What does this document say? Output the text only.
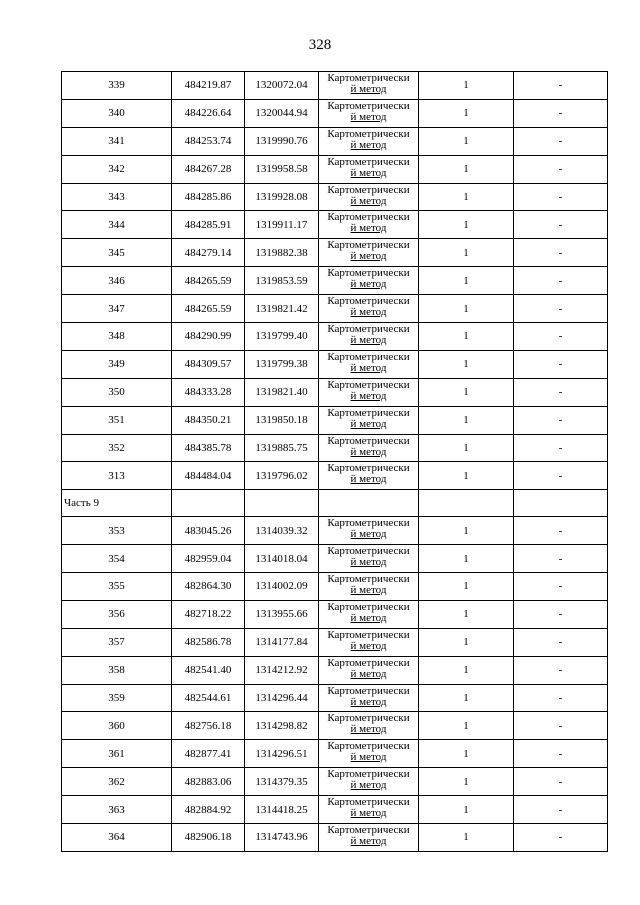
328
339	484219.87	1320072.04	Картометрически
й метод	1	-
340	484226.64	1320044.94	Картометрически
й метод	1	-
341	484253.74	1319990.76	Картометрически
й метод	1	-
342	484267.28	1319958.58	Картометрически
й метод	1	-
343	484285.86	1319928.08	Картометрически
й метод	1	-
344	484285.91	1319911.17	Картометрически
й метод	1	-
345	484279.14	1319882.38	Картометрически
й метод	1	-
346	484265.59	1319853.59	Картометрически
й метод	1	-
347	484265.59	1319821.42	Картометрически
й метод	1	-
348	484290.99	1319799.40	Картометрически
й метод	1	-
349	484309.57	1319799.38	Картометрически
й метод	1	-
350	484333.28	1319821.40	Картометрически
й метод	1	-
351	484350.21	1319850.18	Картометрически
й метод	1	-
352	484385.78	1319885.75	Картометрически
й метод	1	-
313	484484.04	1319796.02	Картометрически
й метод	1	-
Часть 9					
353	483045.26	1314039.32	Картометрически
й метод	1	-
354	482959.04	1314018.04	Картометрически
й метод	1	-
355	482864.30	1314002.09	Картометрически
й метод	1	-
356	482718.22	1313955.66	Картометрически
й метод	1	-
357	482586.78	1314177.84	Картометрически
й метод	1	-
358	482541.40	1314212.92	Картометрически
й метод	1	-
359	482544.61	1314296.44	Картометрически
й метод	1	-
360	482756.18	1314298.82	Картометрически
й метод	1	-
361	482877.41	1314296.51	Картометрически
й метод	1	-
362	482883.06	1314379.35	Картометрически
й метод	1	-
363	482884.92	1314418.25	Картометрически
й метод	1	-
364	482906.18	1314743.96	Картометрически
й метод	1	-
